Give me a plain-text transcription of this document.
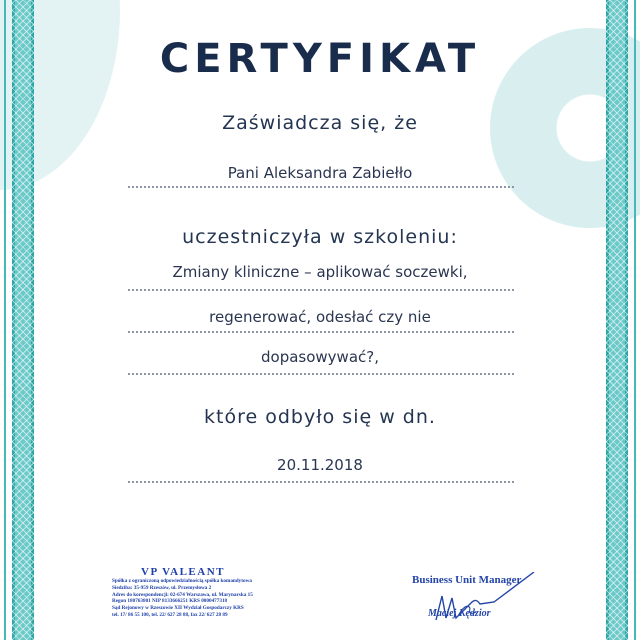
CERTYFIKAT
Zaświadcza się, że
Pani Aleksandra Zabiełło
uczestniczyła w szkoleniu:
Zmiany kliniczne – aplikować soczewki,
regenerować, odesłać czy nie
dopasowywać?,
które odbyło się w dn.
20.11.2018
VP VALEANT
Spółka z ograniczoną odpowiedzialnością spółka komandytowa
Siedziba: 35-959 Rzeszów, ul. Przemysłowa 2
Adres do korespondencji: 02-674 Warszawa, ul. Marynarska 15
Regon 180763801 NIP 8133666251 KRS 0000477318
Sąd Rejonowy w Rzeszowie XII Wydział Gospodarczy KRS
tel. 17/ 86 55 100, tel. 22/ 627 28 88, fax 22/ 627 28 89
Business Unit Manager
Maciej Kędzior
